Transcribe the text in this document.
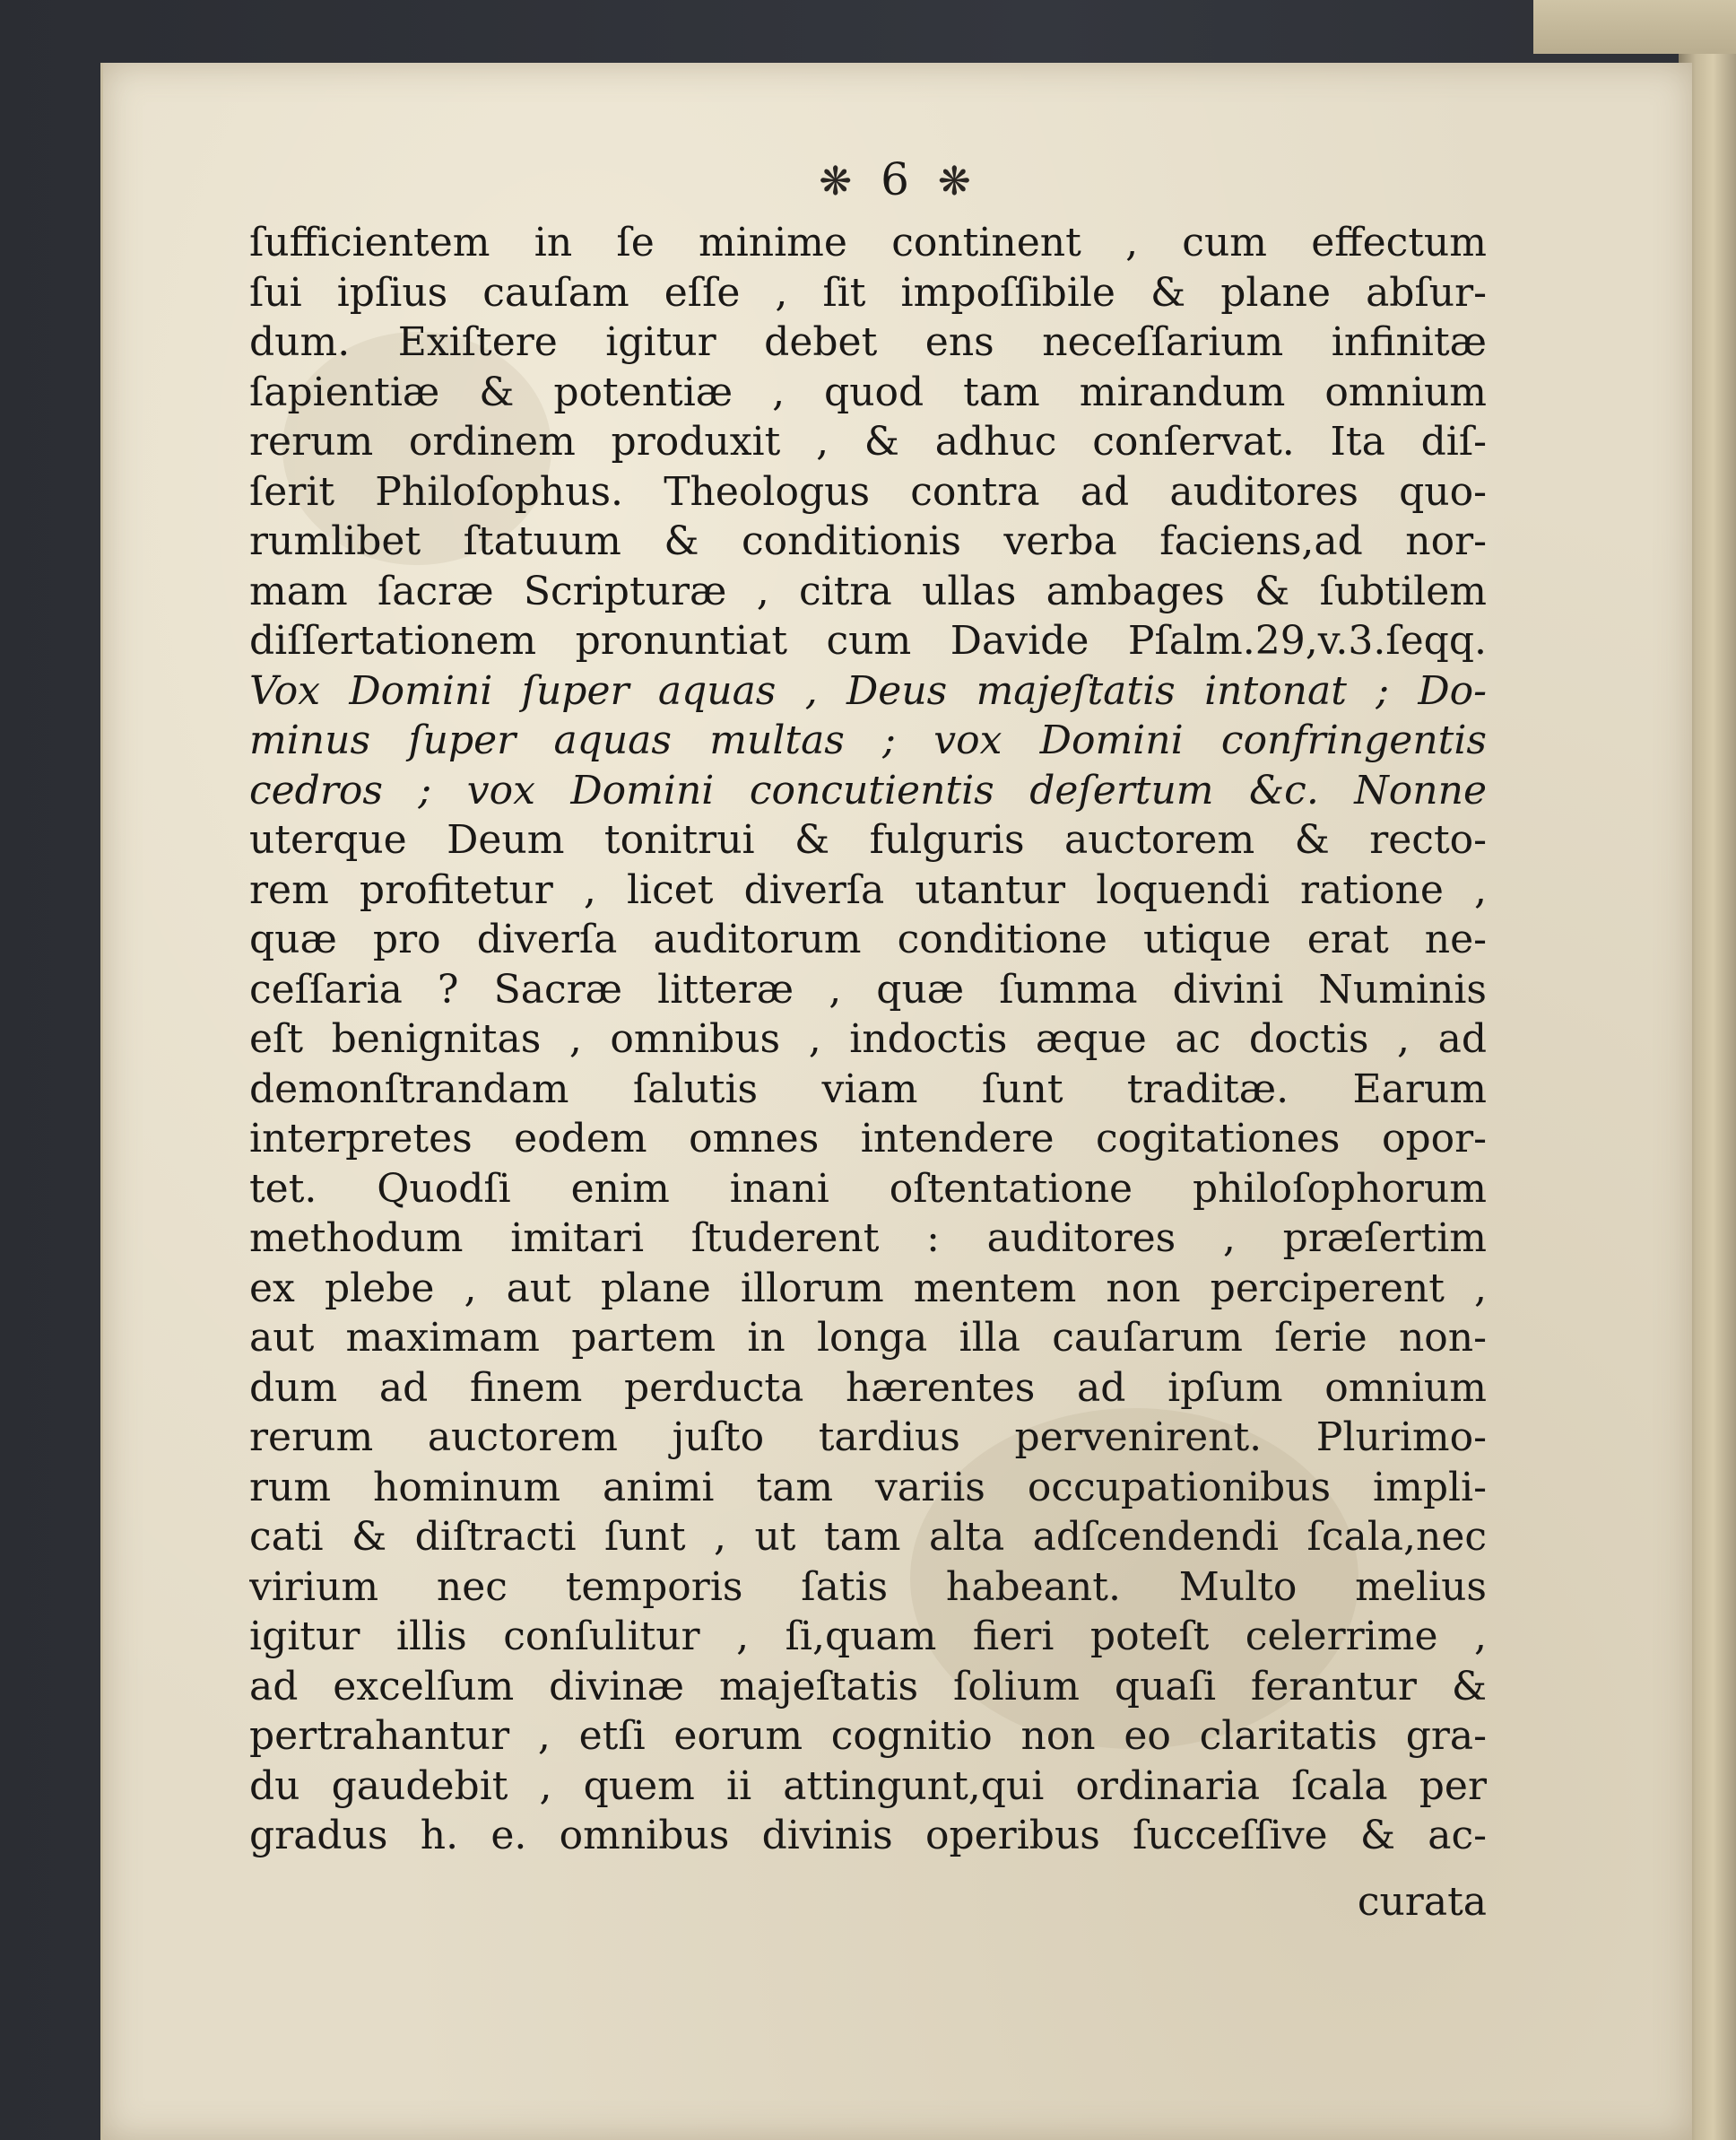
❋ 6 ❋
ſufficientem in ſe minime continent , cum effectum
ſui ipſius cauſam eſſe , ſit impoſſibile & plane abſur-
dum. Exiſtere igitur debet ens neceſſarium infinitæ
ſapientiæ & potentiæ , quod tam mirandum omnium
rerum ordinem produxit , & adhuc conſervat. Ita diſ-
ſerit Philoſophus. Theologus contra ad auditores quo-
rumlibet ſtatuum & conditionis verba faciens,ad nor-
mam ſacræ Scripturæ , citra ullas ambages & ſubtilem
diſſertationem pronuntiat cum Davide Pſalm.29,v.3.ſeqq.
Vox Domini ſuper aquas , Deus majeſtatis intonat ; Do-
minus ſuper aquas multas ; vox Domini confringentis
cedros ; vox Domini concutientis deſertum &c. Nonne
uterque Deum tonitrui & fulguris auctorem & recto-
rem profitetur , licet diverſa utantur loquendi ratione ,
quæ pro diverſa auditorum conditione utique erat ne-
ceſſaria ? Sacræ litteræ , quæ ſumma divini Numinis
eſt benignitas , omnibus , indoctis æque ac doctis , ad
demonſtrandam ſalutis viam ſunt traditæ. Earum
interpretes eodem omnes intendere cogitationes opor-
tet. Quodſi enim inani oſtentatione philoſophorum
methodum imitari ſtuderent : auditores , præſertim
ex plebe , aut plane illorum mentem non perciperent ,
aut maximam partem in longa illa cauſarum ſerie non-
dum ad finem perducta hærentes ad ipſum omnium
rerum auctorem juſto tardius pervenirent. Plurimo-
rum hominum animi tam variis occupationibus impli-
cati & diſtracti ſunt , ut tam alta adſcendendi ſcala,nec
virium nec temporis ſatis habeant. Multo melius
igitur illis conſulitur , ſi,quam fieri poteſt celerrime ,
ad excelſum divinæ majeſtatis ſolium quaſi ferantur &
pertrahantur , etſi eorum cognitio non eo claritatis gra-
du gaudebit , quem ii attingunt,qui ordinaria ſcala per
gradus h. e. omnibus divinis operibus ſucceſſive & ac-
curata
